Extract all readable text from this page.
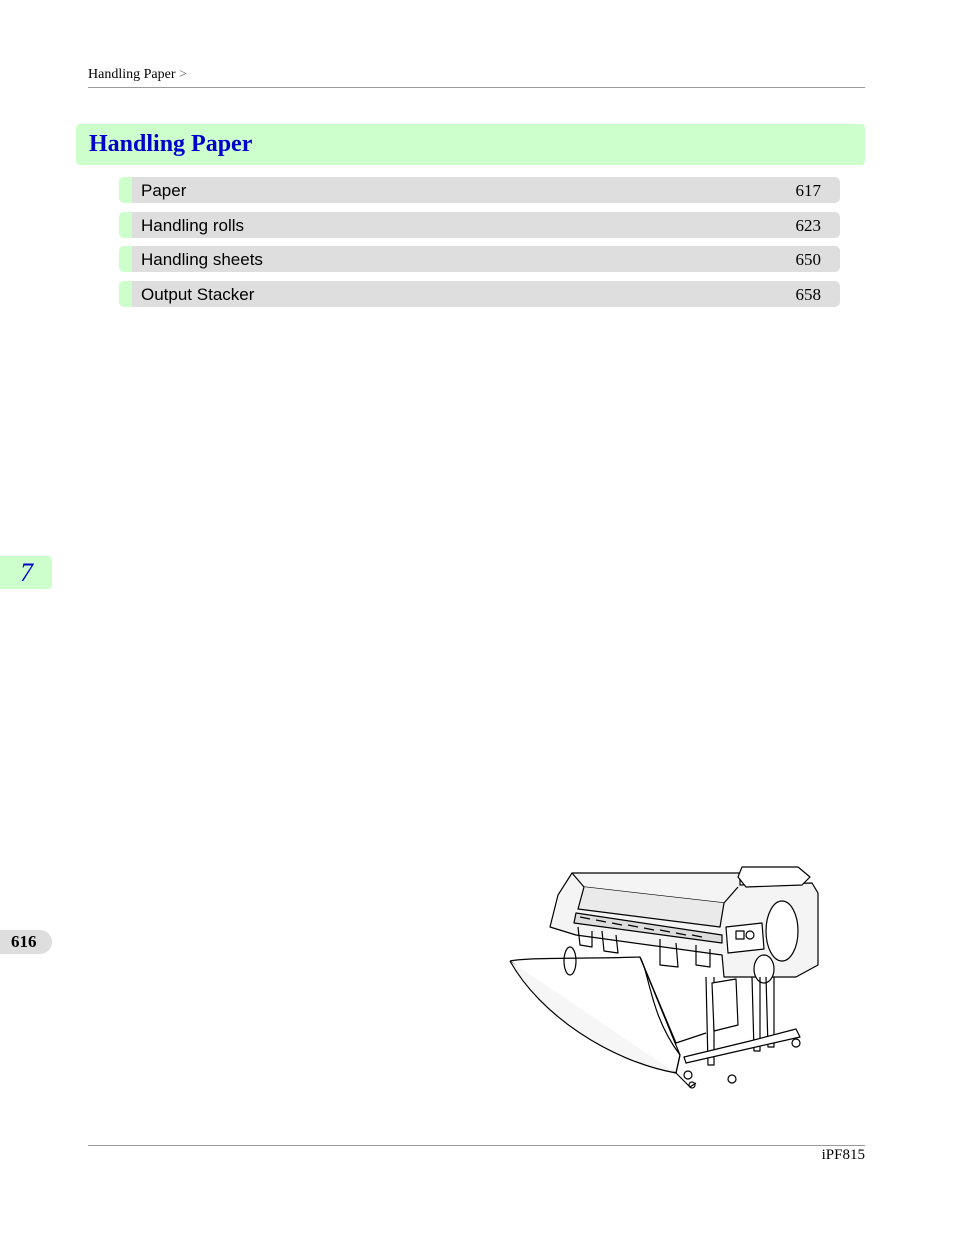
Handling Paper >
Handling Paper
Paper	617
Handling rolls	623
Handling sheets	650
Output Stacker	658
7
616
iPF815
